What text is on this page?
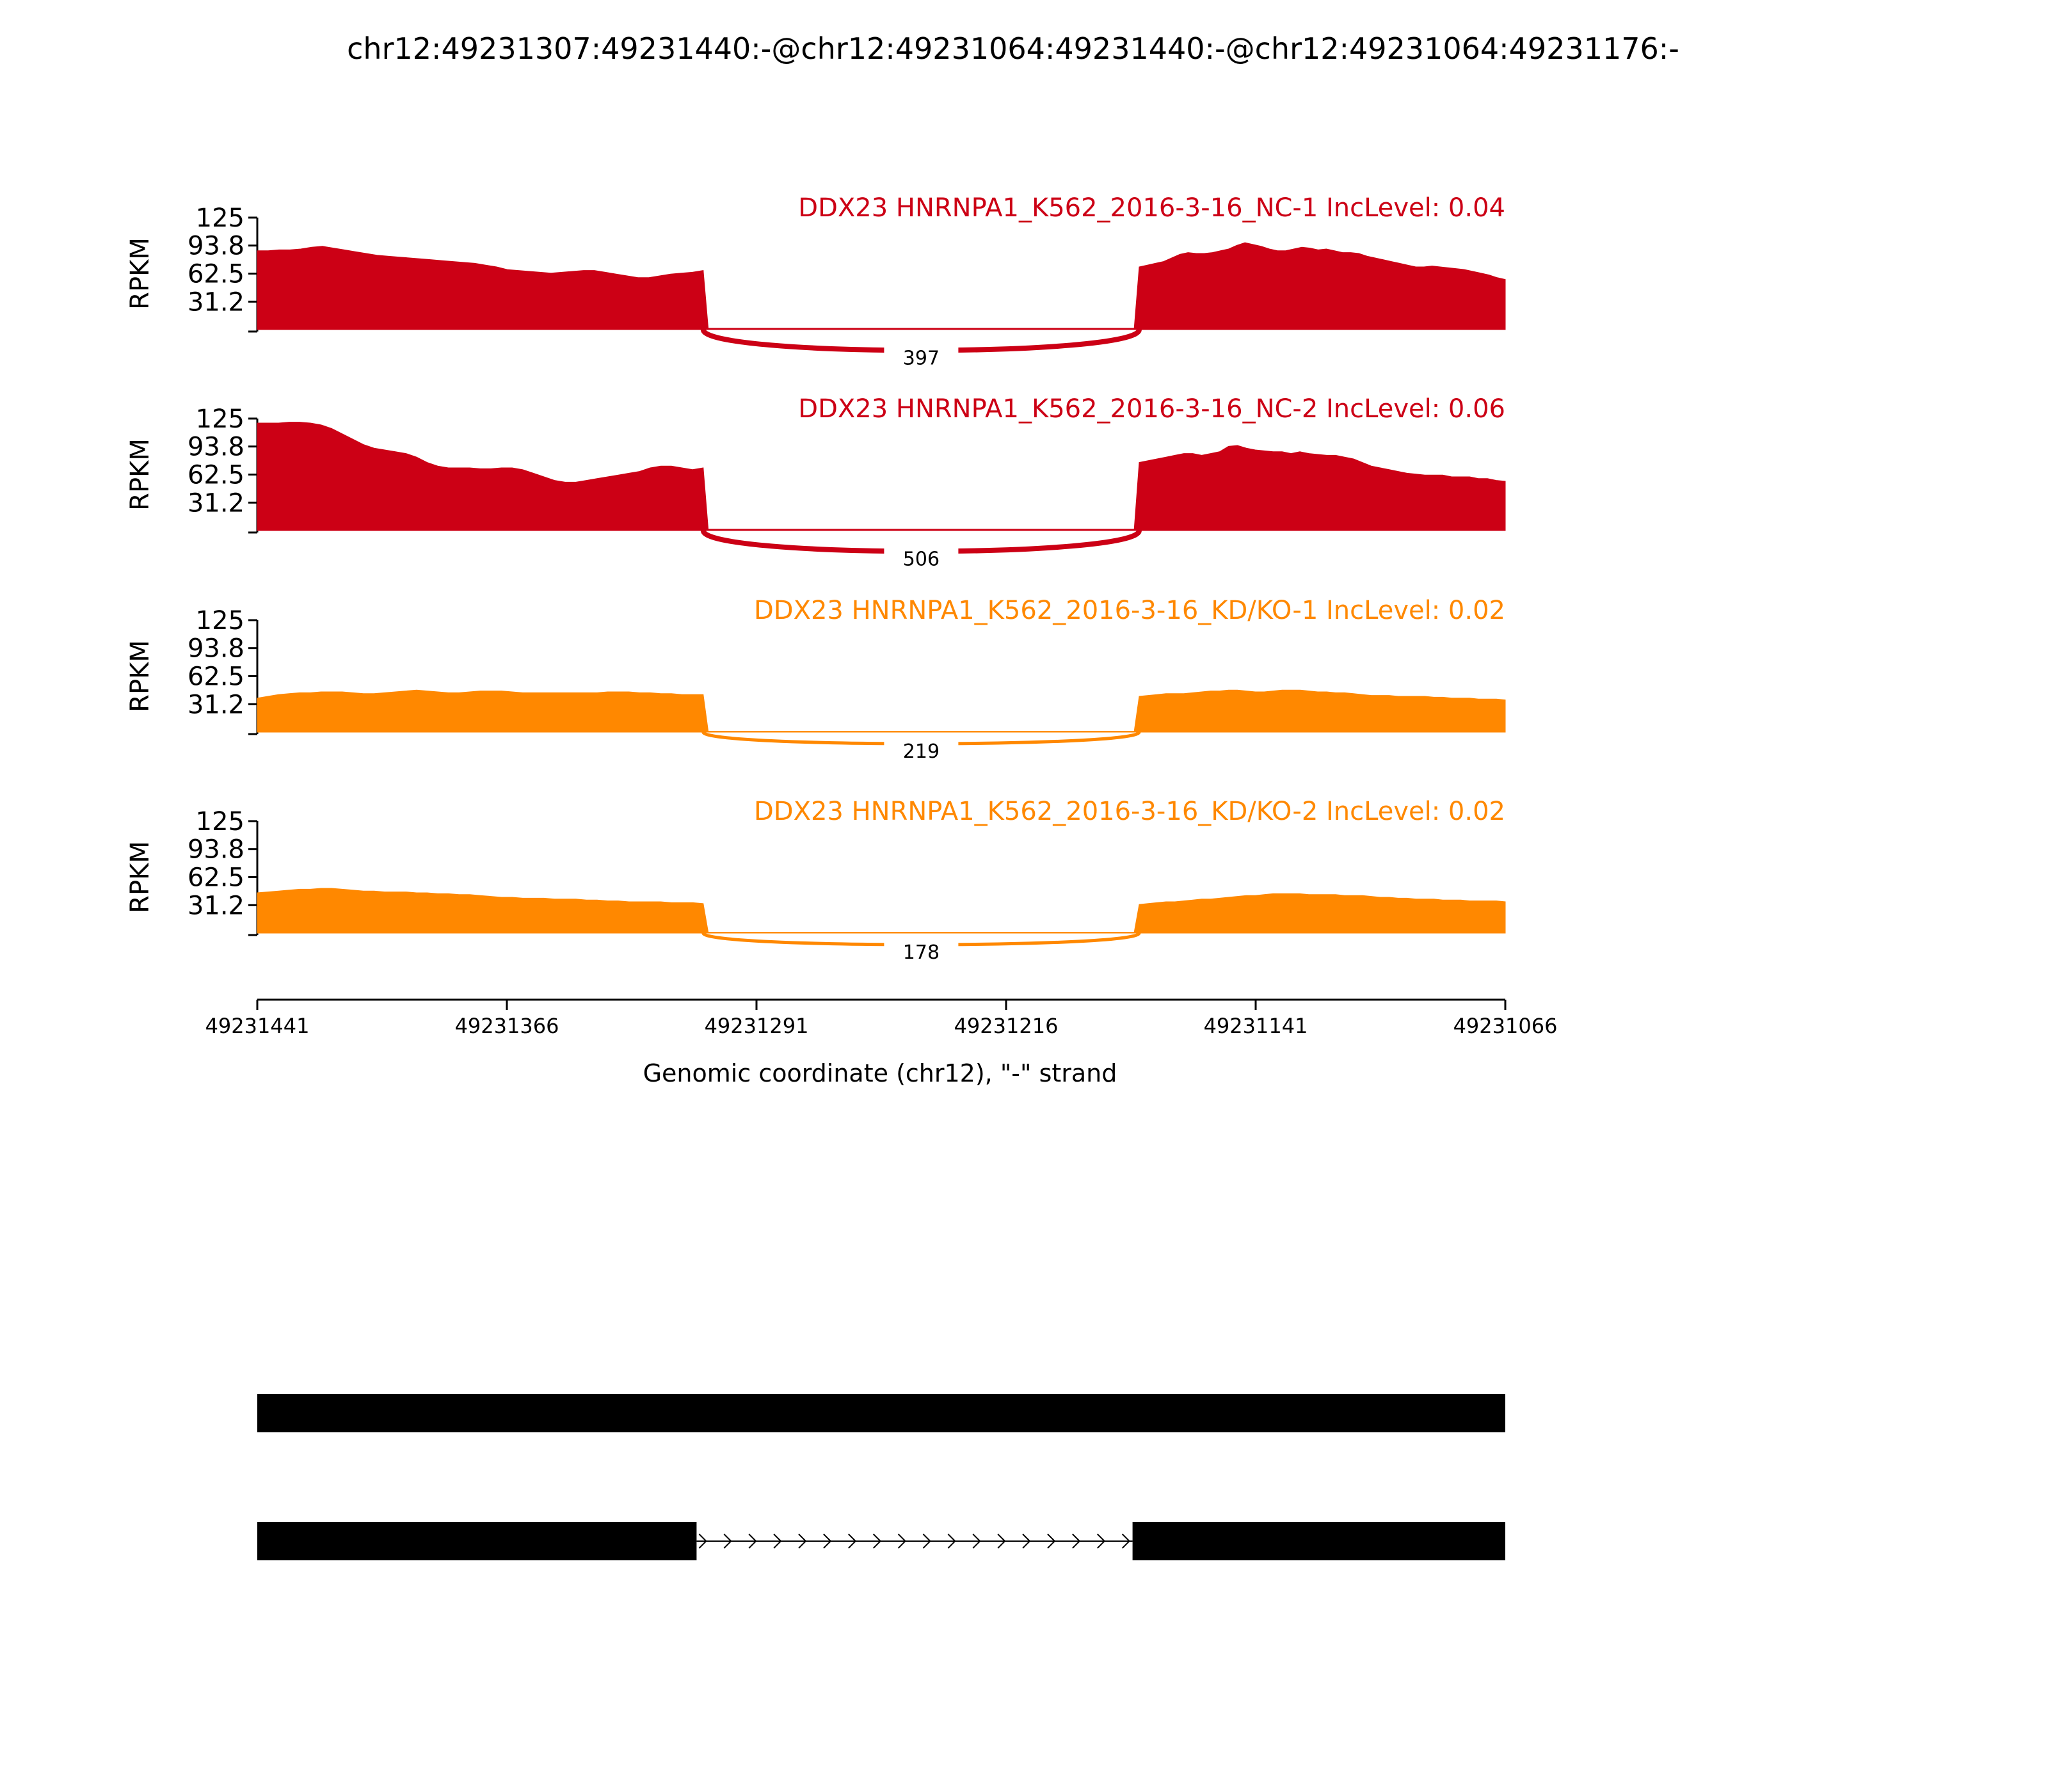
chr12:49231307:49231440:-@chr12:49231064:49231440:-@chr12:49231064:49231176:-
31.2
62.5
93.8
125
RPKM
397
DDX23 HNRNPA1_K562_2016-3-16_NC-1 IncLevel: 0.04
31.2
62.5
93.8
125
RPKM
506
DDX23 HNRNPA1_K562_2016-3-16_NC-2 IncLevel: 0.06
31.2
62.5
93.8
125
RPKM
219
DDX23 HNRNPA1_K562_2016-3-16_KD/KO-1 IncLevel: 0.02
31.2
62.5
93.8
125
RPKM
178
DDX23 HNRNPA1_K562_2016-3-16_KD/KO-2 IncLevel: 0.02
49231441	49231366	49231291	49231216	49231141	49231066
Genomic coordinate (chr12), "-" strand
